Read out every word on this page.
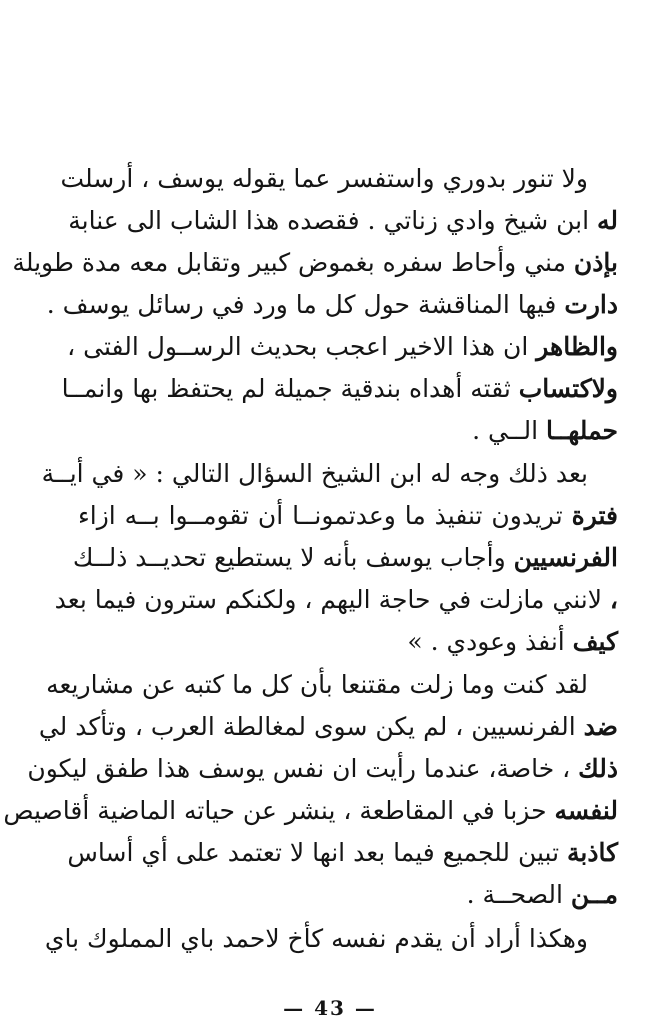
ولا تنور بدوري واستفسر عما يقوله يوسف ، أرسلت
له ابن شيخ وادي زناتي . فقصده هذا الشاب الى عنابة
بإذن مني وأحاط سفره بغموض كبير وتقابل معه مدة طويلة
دارت فيها المناقشة حول كل ما ورد في رسائل يوسف .
والظاهر ان هذا الاخير اعجب بحديث الرســول الفتى ،
ولاكتساب ثقته أهداه بندقية جميلة لم يحتفظ بها وانمــا
حملهــا الــي .
بعد ذلك وجه له ابن الشيخ السؤال التالي : « في أيــة
فترة تريدون تنفيذ ما وعدتمونــا أن تقومــوا بــه ازاء
الفرنسيين وأجاب يوسف بأنه لا يستطيع تحديــد ذلــك
، لانني مازلت في حاجة اليهم ، ولكنكم سترون فيما بعد
كيف أنفذ وعودي . »
لقد كنت وما زلت مقتنعا بأن كل ما كتبه عن مشاريعه
ضد الفرنسيين ، لم يكن سوى لمغالطة العرب ، وتأكد لي
ذلك ، خاصة، عندما رأيت ان نفس يوسف هذا طفق ليكون
لنفسه حزبا في المقاطعة ، ينشر عن حياته الماضية أقاصيص
كاذبة تبين للجميع فيما بعد انها لا تعتمد على أي أساس
مــن الصحــة .
وهكذا أراد أن يقدم نفسه كأخ لاحمد باي المملوك باي
— 43 —
